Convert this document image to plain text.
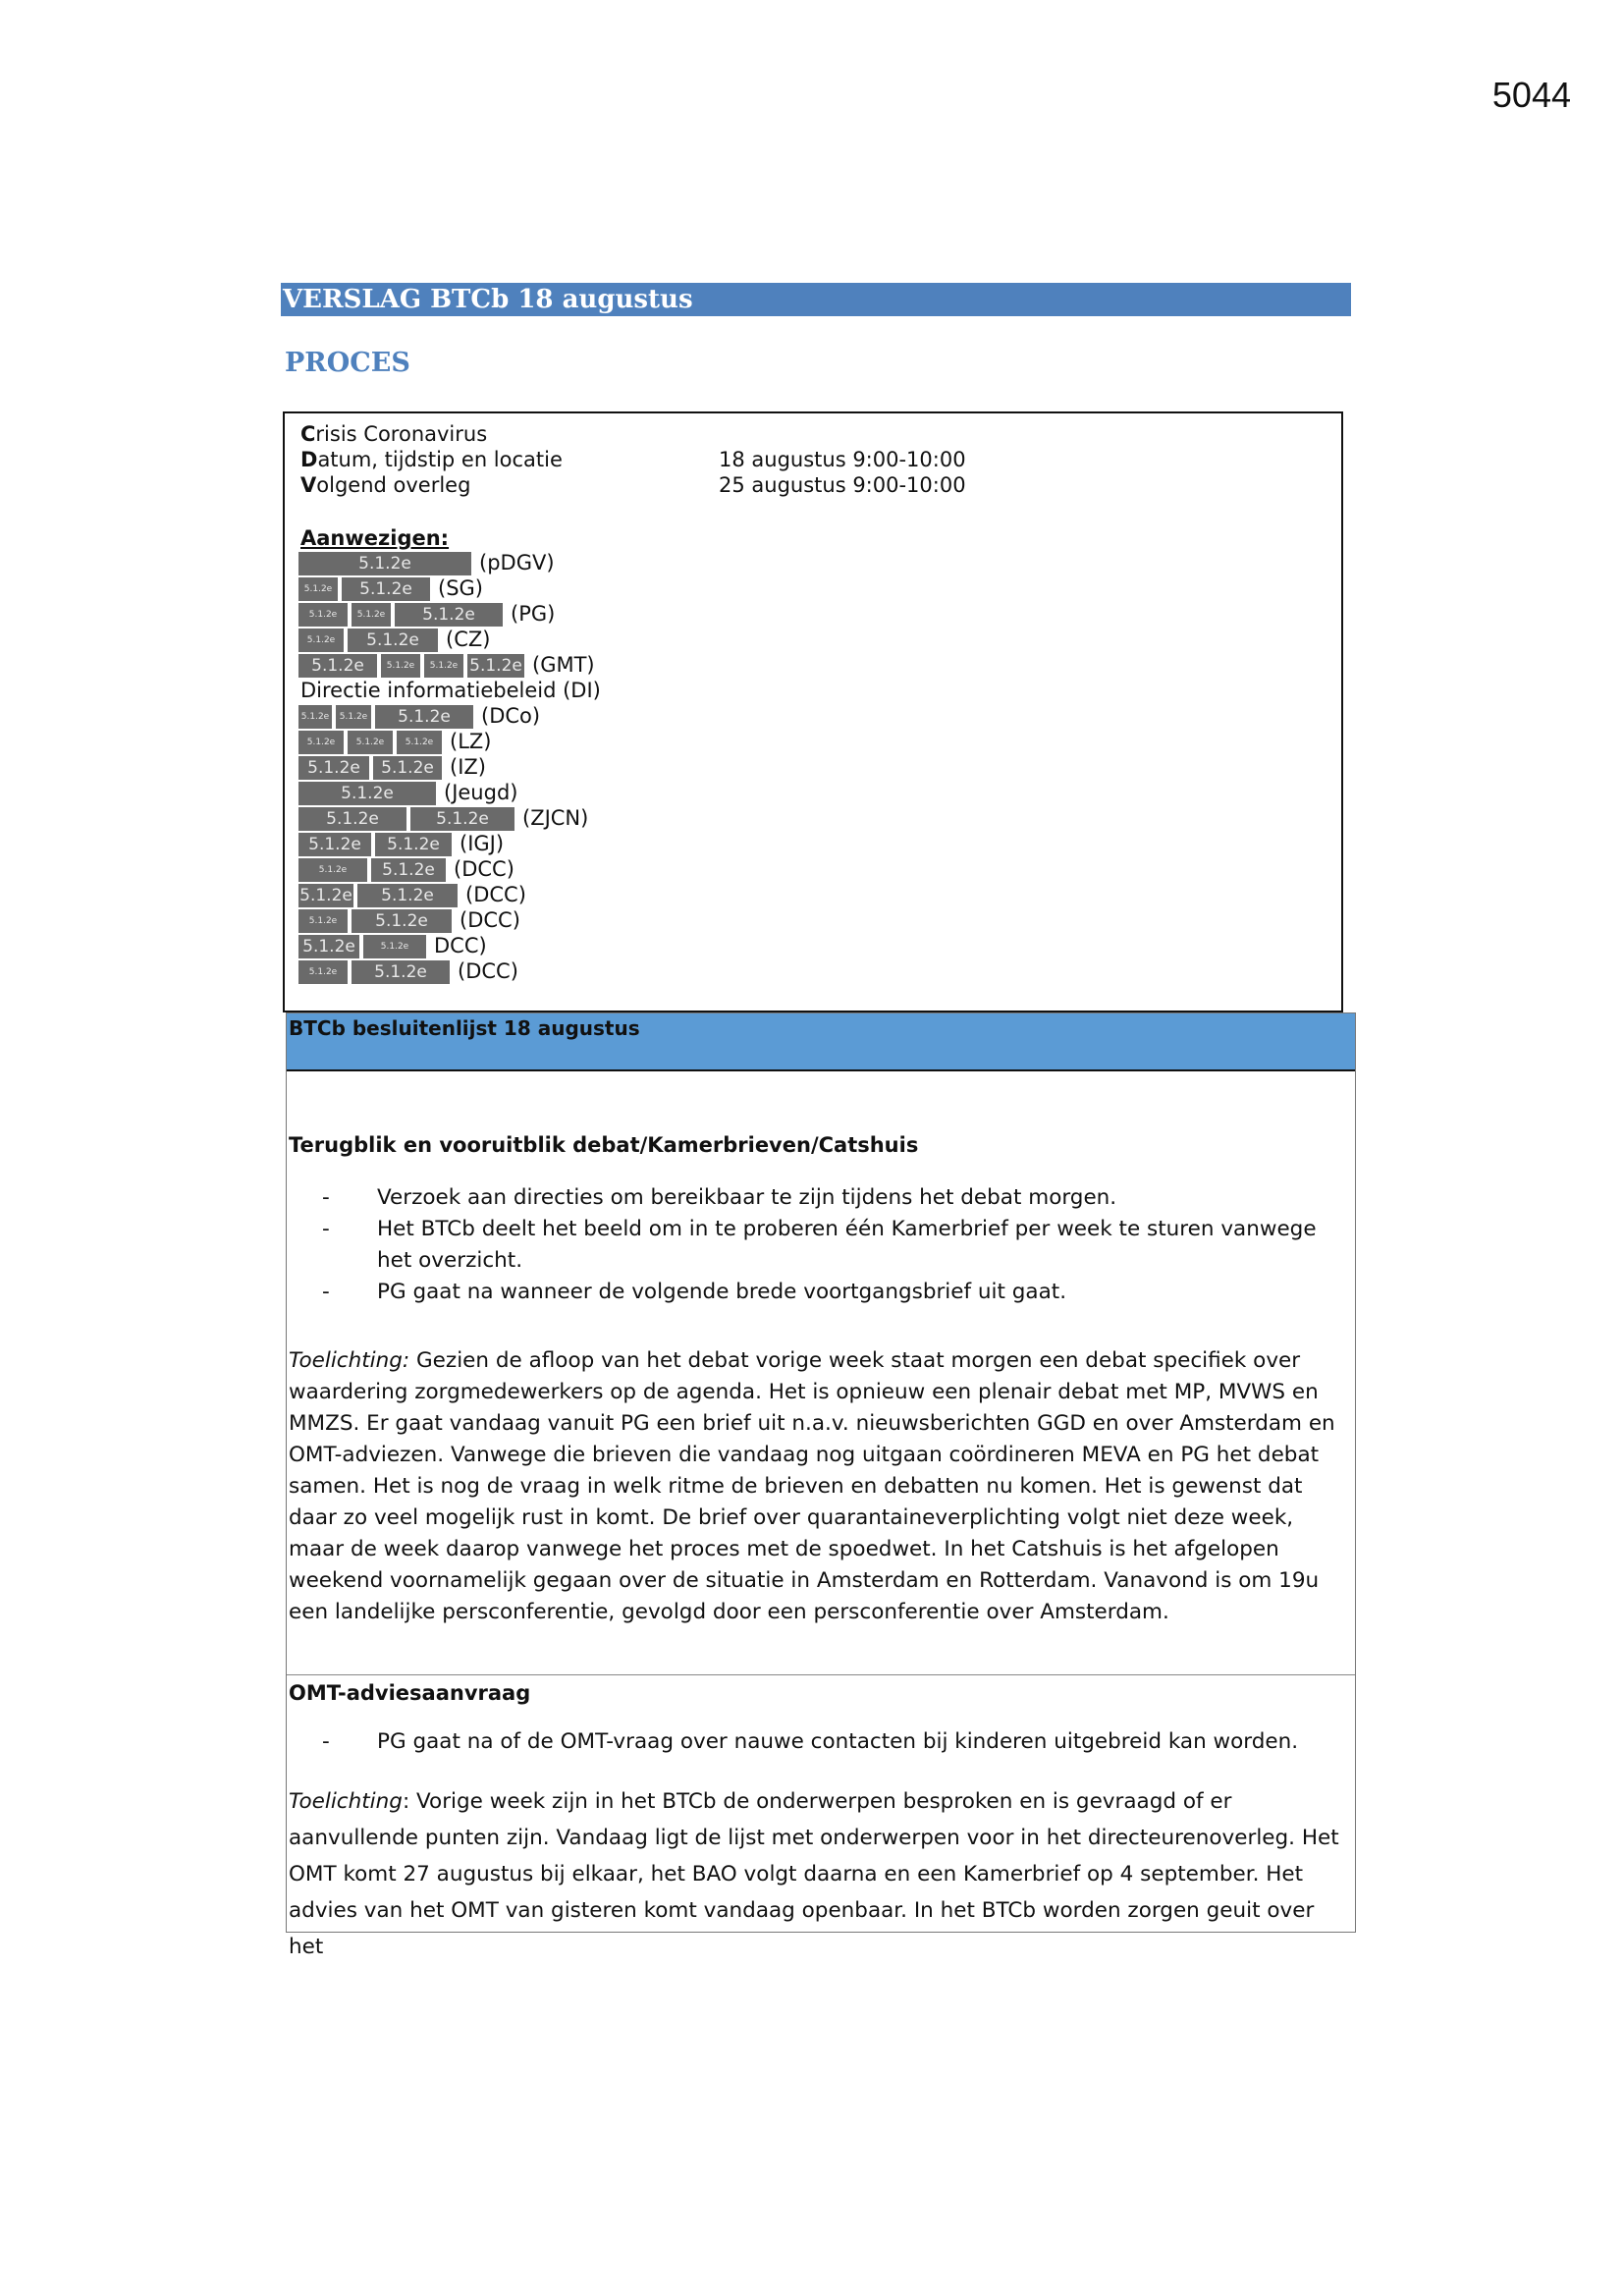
5044
VERSLAG BTCb 18 augustus
PROCES
Crisis Coronavirus
Datum, tijdstip en locatie	18 augustus 9:00-10:00
Volgend overleg	25 augustus 9:00-10:00
Aanwezigen:
5.1.2e	(pDGV)
5.1.2e	5.1.2e	(SG)
5.1.2e	5.1.2e	5.1.2e	(PG)
5.1.2e	5.1.2e	(CZ)
5.1.2e	5.1.2e	5.1.2e 5.1.2e (GMT)
Directie informatiebeleid (DI)
5.1.2e	5.1.2e	5.1.2e	(DCo)
5.1.2e	5.1.2e	5.1.2e (LZ)
5.1.2e	5.1.2e (IZ)
5.1.2e	(Jeugd)
5.1.2e	5.1.2e	(ZJCN)
5.1.2e	5.1.2e (IGJ)
5.1.2e	5.1.2e (DCC)
5.1.2e	5.1.2e	(DCC)
5.1.2e	5.1.2e	(DCC)
5.1.2e	5.1.2e	DCC)
5.1.2e	5.1.2e	(DCC)
BTCb besluitenlijst 18 augustus
Terugblik en vooruitblik debat/Kamerbrieven/Catshuis
- Verzoek aan directies om bereikbaar te zijn tijdens het debat morgen.
- Het BTCb deelt het beeld om in te proberen één Kamerbrief per week te sturen vanwege het overzicht.
- PG gaat na wanneer de volgende brede voortgangsbrief uit gaat.

Toelichting: Gezien de afloop van het debat vorige week staat morgen een debat specifiek over waardering zorgmedewerkers op de agenda. Het is opnieuw een plenair debat met MP, MVWS en MMZS. Er gaat vandaag vanuit PG een brief uit n.a.v. nieuwsberichten GGD en over Amsterdam en OMT-adviezen. Vanwege die brieven die vandaag nog uitgaan coördineren MEVA en PG het debat samen. Het is nog de vraag in welk ritme de brieven en debatten nu komen. Het is gewenst dat daar zo veel mogelijk rust in komt. De brief over quarantaineverplichting volgt niet deze week, maar de week daarop vanwege het proces met de spoedwet. In het Catshuis is het afgelopen weekend voornamelijk gegaan over de situatie in Amsterdam en Rotterdam. Vanavond is om 19u een landelijke persconferentie, gevolgd door een persconferentie over Amsterdam.

OMT-adviesaanvraag
- PG gaat na of de OMT-vraag over nauwe contacten bij kinderen uitgebreid kan worden.

Toelichting: Vorige week zijn in het BTCb de onderwerpen besproken en is gevraagd of er aanvullende punten zijn. Vandaag ligt de lijst met onderwerpen voor in het directeurenoverleg. Het OMT komt 27 augustus bij elkaar, het BAO volgt daarna en een Kamerbrief op 4 september. Het advies van het OMT van gisteren komt vandaag openbaar. In het BTCb worden zorgen geuit over het
